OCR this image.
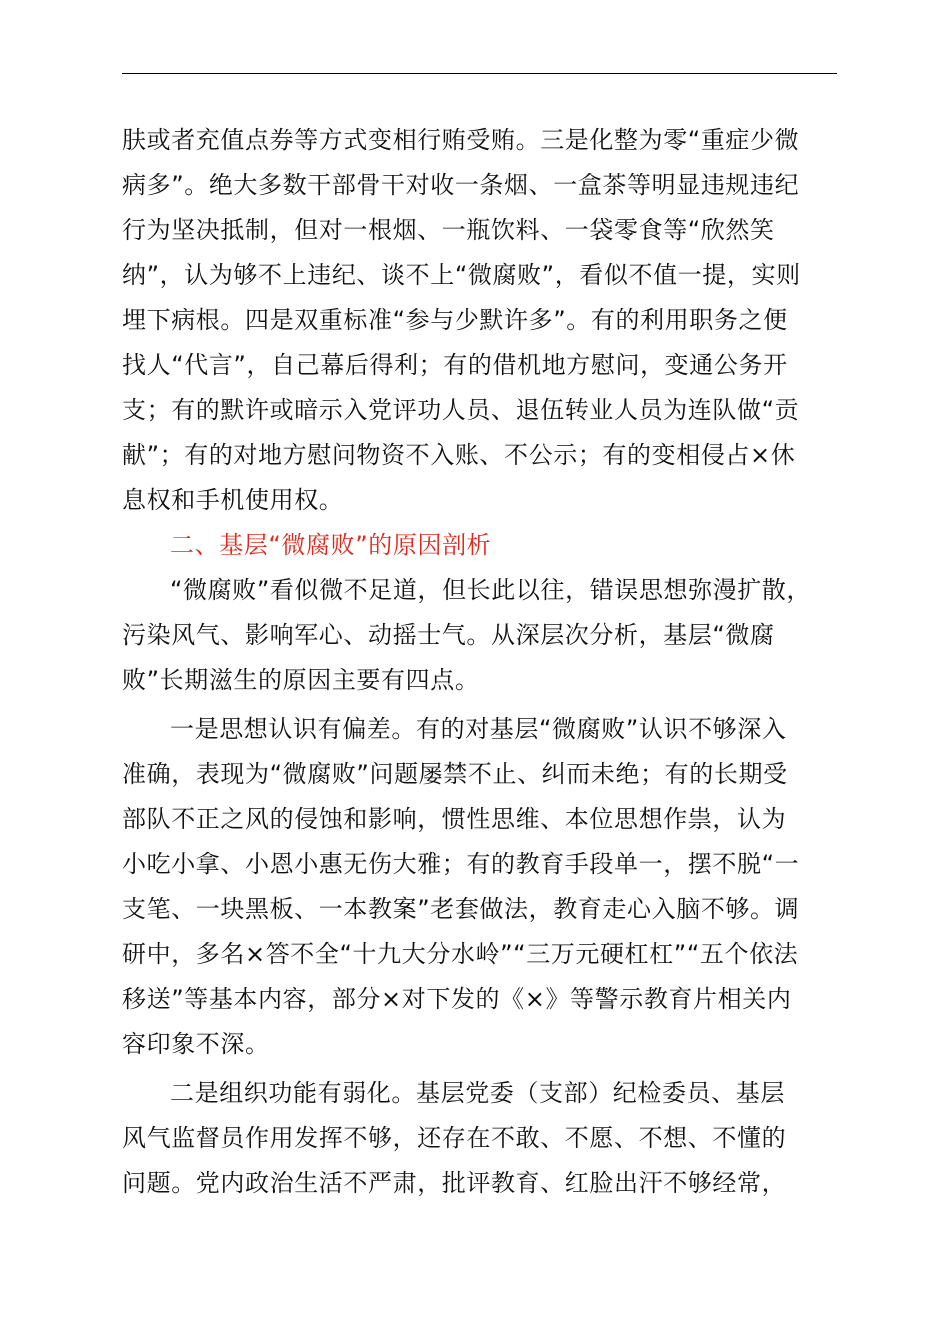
肤或者充值点券等方式变相行贿受贿。三是化整为零“重症少微
病多”。绝大多数干部骨干对收一条烟、一盒茶等明显违规违纪
行为坚决抵制，但对一根烟、一瓶饮料、一袋零食等“欣然笑
纳”，认为够不上违纪、谈不上“微腐败”，看似不值一提，实则
埋下病根。四是双重标准“参与少默许多”。有的利用职务之便
找人“代言”，自己幕后得利；有的借机地方慰问，变通公务开
支；有的默许或暗示入党评功人员、退伍转业人员为连队做“贡
献”；有的对地方慰问物资不入账、不公示；有的变相侵占×休
息权和手机使用权。
二、基层“微腐败”的原因剖析
“微腐败”看似微不足道，但长此以往，错误思想弥漫扩散，
污染风气、影响军心、动摇士气。从深层次分析，基层“微腐
败”长期滋生的原因主要有四点。
一是思想认识有偏差。有的对基层“微腐败”认识不够深入
准确，表现为“微腐败”问题屡禁不止、纠而未绝；有的长期受
部队不正之风的侵蚀和影响，惯性思维、本位思想作祟，认为
小吃小拿、小恩小惠无伤大雅；有的教育手段单一，摆不脱“一
支笔、一块黑板、一本教案”老套做法，教育走心入脑不够。调
研中，多名×答不全“十九大分水岭”“三万元硬杠杠”“五个依法
移送”等基本内容，部分×对下发的《×》等警示教育片相关内
容印象不深。
二是组织功能有弱化。基层党委（支部）纪检委员、基层
风气监督员作用发挥不够，还存在不敢、不愿、不想、不懂的
问题。党内政治生活不严肃，批评教育、红脸出汗不够经常，
